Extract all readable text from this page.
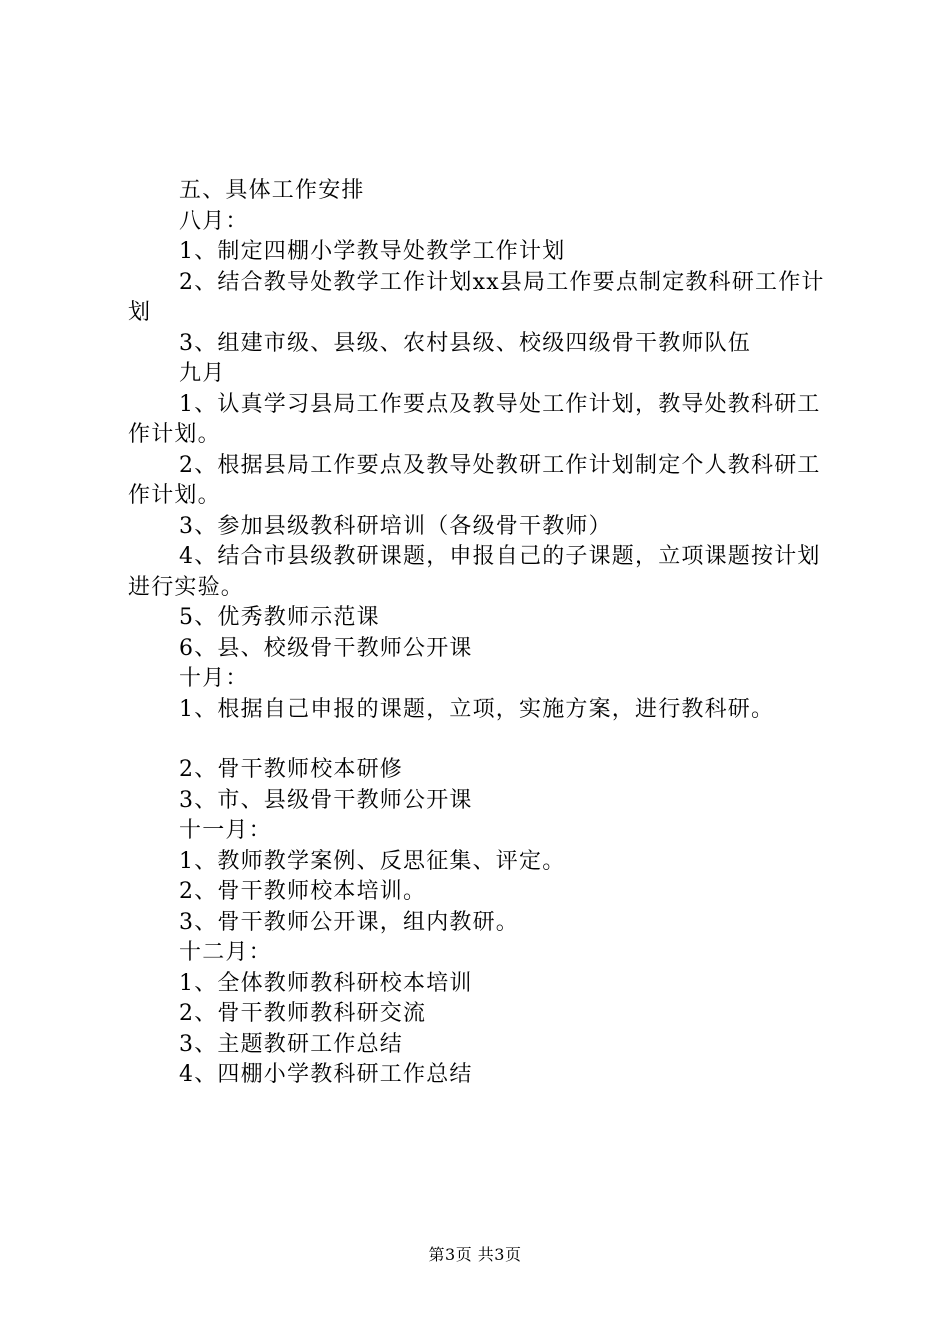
五、具体工作安排
八月：
1、制定四棚小学教导处教学工作计划
2、结合教导处教学工作计划xx县局工作要点制定教科研工作计划
3、组建市级、县级、农村县级、校级四级骨干教师队伍
九月
1、认真学习县局工作要点及教导处工作计划，教导处教科研工作计划。
2、根据县局工作要点及教导处教研工作计划制定个人教科研工作计划。
3、参加县级教科研培训（各级骨干教师）
4、结合市县级教研课题，申报自己的子课题，立项课题按计划进行实验。
5、优秀教师示范课
6、县、校级骨干教师公开课
十月：
1、根据自己申报的课题，立项，实施方案，进行教科研。
2、骨干教师校本研修
3、市、县级骨干教师公开课
十一月：
1、教师教学案例、反思征集、评定。
2、骨干教师校本培训。
3、骨干教师公开课，组内教研。
十二月：
1、全体教师教科研校本培训
2、骨干教师教科研交流
3、主题教研工作总结
4、四棚小学教科研工作总结
第3页 共3页
